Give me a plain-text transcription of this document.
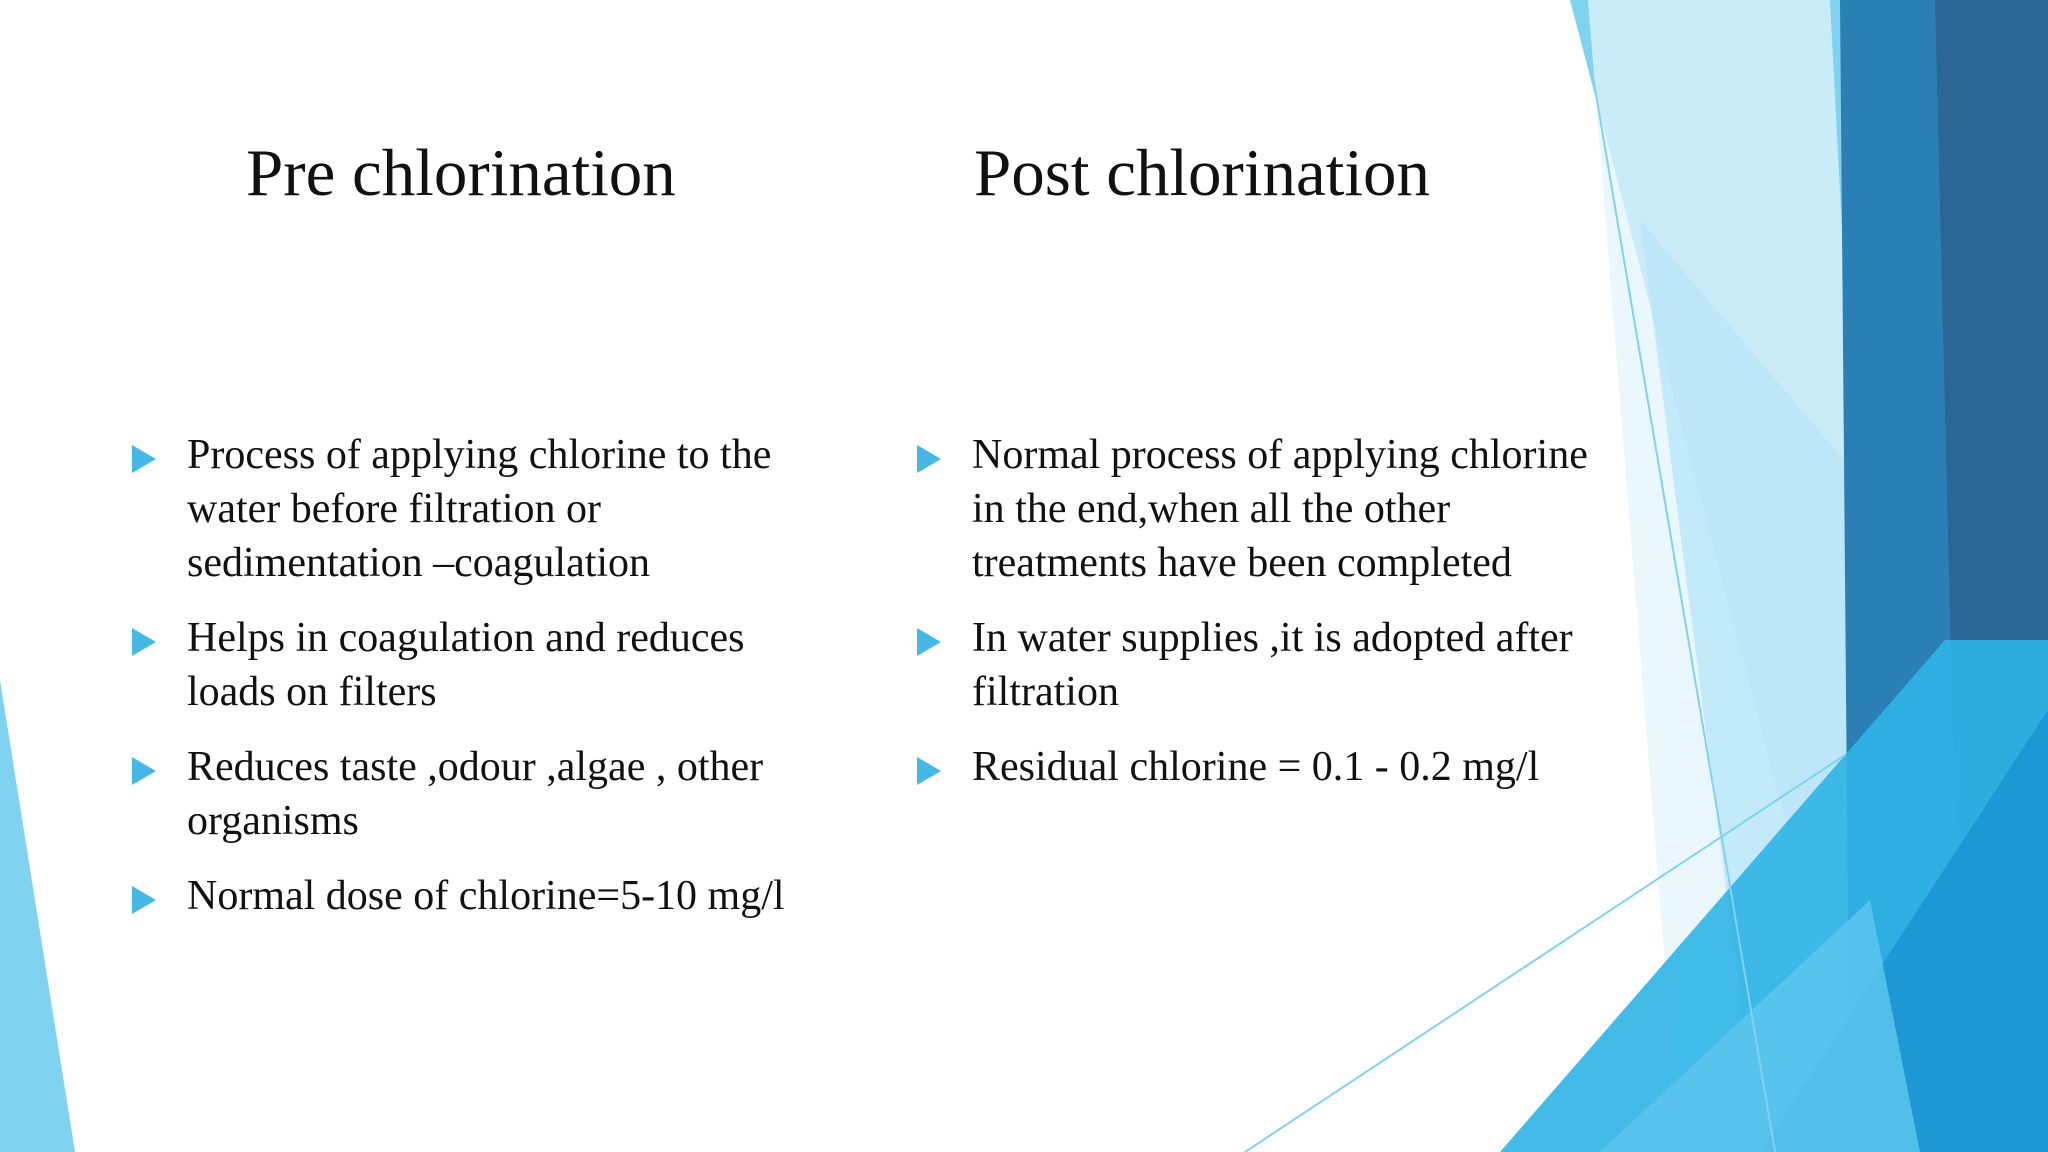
Pre chlorination	Post chlorination
Process of applying chlorine to the water before filtration or sedimentation –coagulation
Helps in coagulation and reduces loads on filters
Reduces taste ,odour ,algae , other organisms
Normal dose of chlorine=5-10 mg/l
Normal process of applying chlorine in the end,when all the other treatments have been completed
In water supplies ,it is adopted after filtration
Residual chlorine = 0.1 - 0.2 mg/l
